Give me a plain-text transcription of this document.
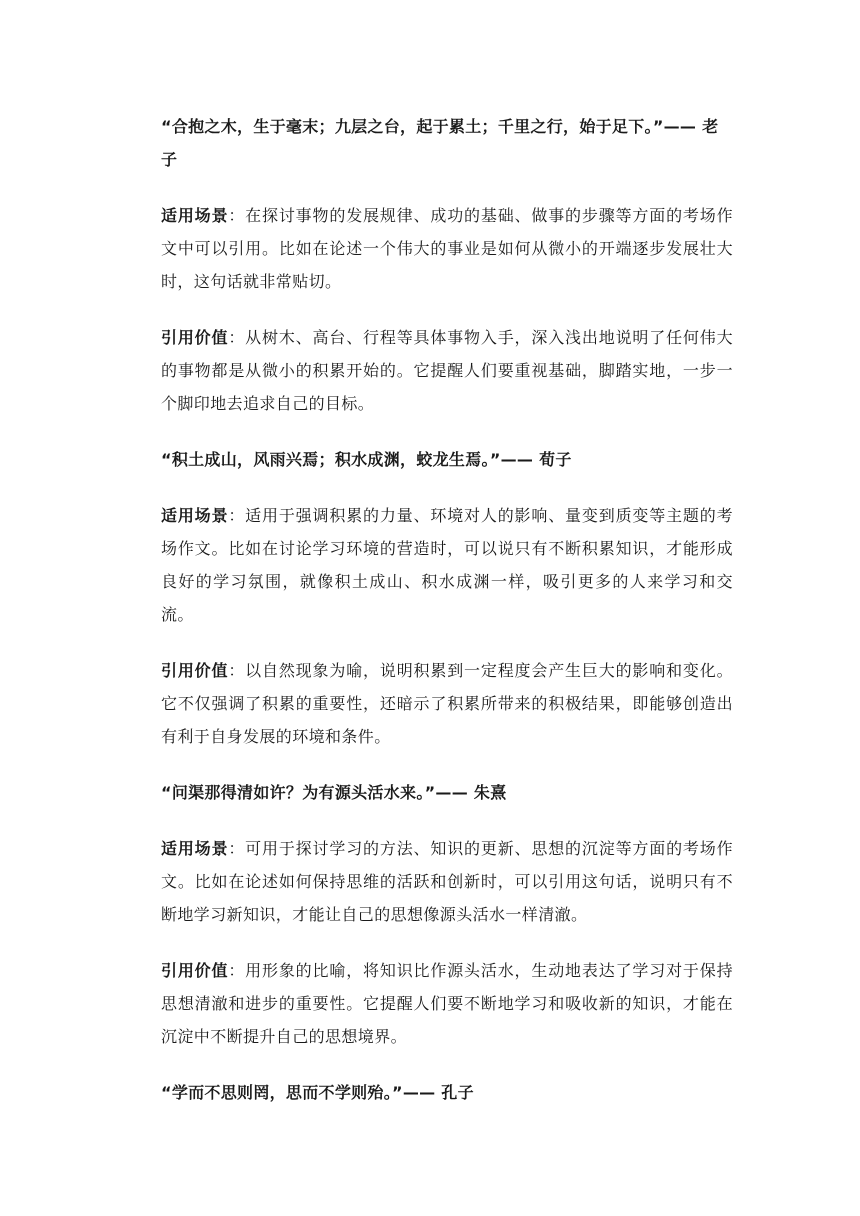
“合抱之木，生于毫末；九层之台，起于累土；千里之行，始于足下。”—— 老子

适用场景：在探讨事物的发展规律、成功的基础、做事的步骤等方面的考场作文中可以引用。比如在论述一个伟大的事业是如何从微小的开端逐步发展壮大时，这句话就非常贴切。

引用价值：从树木、高台、行程等具体事物入手，深入浅出地说明了任何伟大的事物都是从微小的积累开始的。它提醒人们要重视基础，脚踏实地，一步一个脚印地去追求自己的目标。

“积土成山，风雨兴焉；积水成渊，蛟龙生焉。”—— 荀子

适用场景：适用于强调积累的力量、环境对人的影响、量变到质变等主题的考场作文。比如在讨论学习环境的营造时，可以说只有不断积累知识，才能形成良好的学习氛围，就像积土成山、积水成渊一样，吸引更多的人来学习和交流。

引用价值：以自然现象为喻，说明积累到一定程度会产生巨大的影响和变化。它不仅强调了积累的重要性，还暗示了积累所带来的积极结果，即能够创造出有利于自身发展的环境和条件。

“问渠那得清如许？为有源头活水来。”—— 朱熹

适用场景：可用于探讨学习的方法、知识的更新、思想的沉淀等方面的考场作文。比如在论述如何保持思维的活跃和创新时，可以引用这句话，说明只有不断地学习新知识，才能让自己的思想像源头活水一样清澈。

引用价值：用形象的比喻，将知识比作源头活水，生动地表达了学习对于保持思想清澈和进步的重要性。它提醒人们要不断地学习和吸收新的知识，才能在沉淀中不断提升自己的思想境界。

“学而不思则罔，思而不学则殆。”—— 孔子
